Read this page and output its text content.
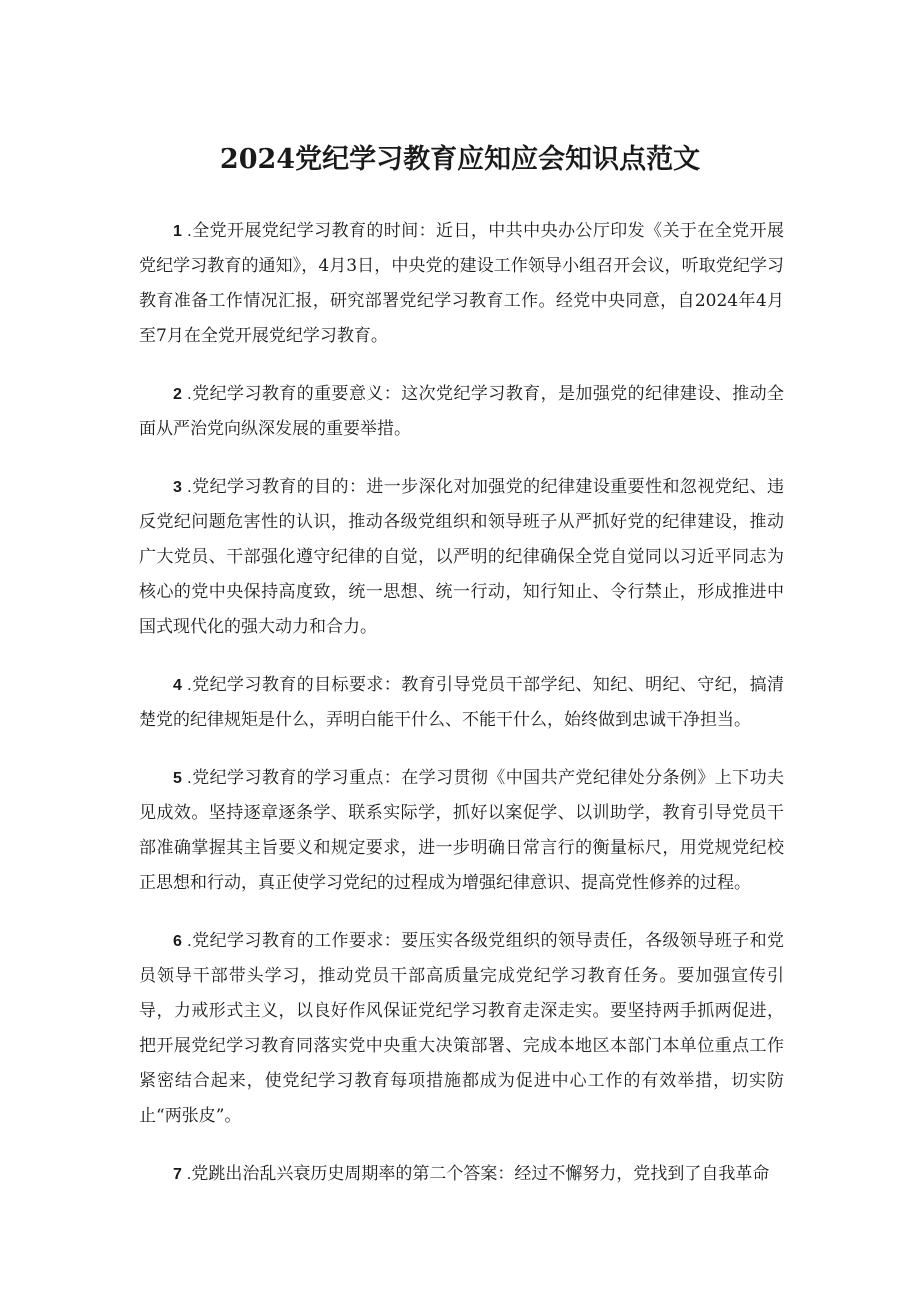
2024党纪学习教育应知应会知识点范文

1 .全党开展党纪学习教育的时间：近日，中共中央办公厅印发《关于在全党开展党纪学习教育的通知》，4月3日，中央党的建设工作领导小组召开会议，听取党纪学习教育准备工作情况汇报，研究部署党纪学习教育工作。经党中央同意，自2024年4月至7月在全党开展党纪学习教育。

2 .党纪学习教育的重要意义：这次党纪学习教育，是加强党的纪律建设、推动全面从严治党向纵深发展的重要举措。

3 .党纪学习教育的目的：进一步深化对加强党的纪律建设重要性和忽视党纪、违反党纪问题危害性的认识，推动各级党组织和领导班子从严抓好党的纪律建设，推动广大党员、干部强化遵守纪律的自觉，以严明的纪律确保全党自觉同以习近平同志为核心的党中央保持高度致，统一思想、统一行动，知行知止、令行禁止，形成推进中国式现代化的强大动力和合力。

4 .党纪学习教育的目标要求：教育引导党员干部学纪、知纪、明纪、守纪，搞清楚党的纪律规矩是什么，弄明白能干什么、不能干什么，始终做到忠诚干净担当。

5 .党纪学习教育的学习重点：在学习贯彻《中国共产党纪律处分条例》上下功夫见成效。坚持逐章逐条学、联系实际学，抓好以案促学、以训助学，教育引导党员干部准确掌握其主旨要义和规定要求，进一步明确日常言行的衡量标尺，用党规党纪校正思想和行动，真正使学习党纪的过程成为增强纪律意识、提高党性修养的过程。

6 .党纪学习教育的工作要求：要压实各级党组织的领导责任，各级领导班子和党员领导干部带头学习，推动党员干部高质量完成党纪学习教育任务。要加强宣传引导，力戒形式主义，以良好作风保证党纪学习教育走深走实。要坚持两手抓两促进，把开展党纪学习教育同落实党中央重大决策部署、完成本地区本部门本单位重点工作紧密结合起来，使党纪学习教育每项措施都成为促进中心工作的有效举措，切实防止“两张皮”。

7 .党跳出治乱兴衰历史周期率的第二个答案：经过不懈努力，党找到了自我革命
